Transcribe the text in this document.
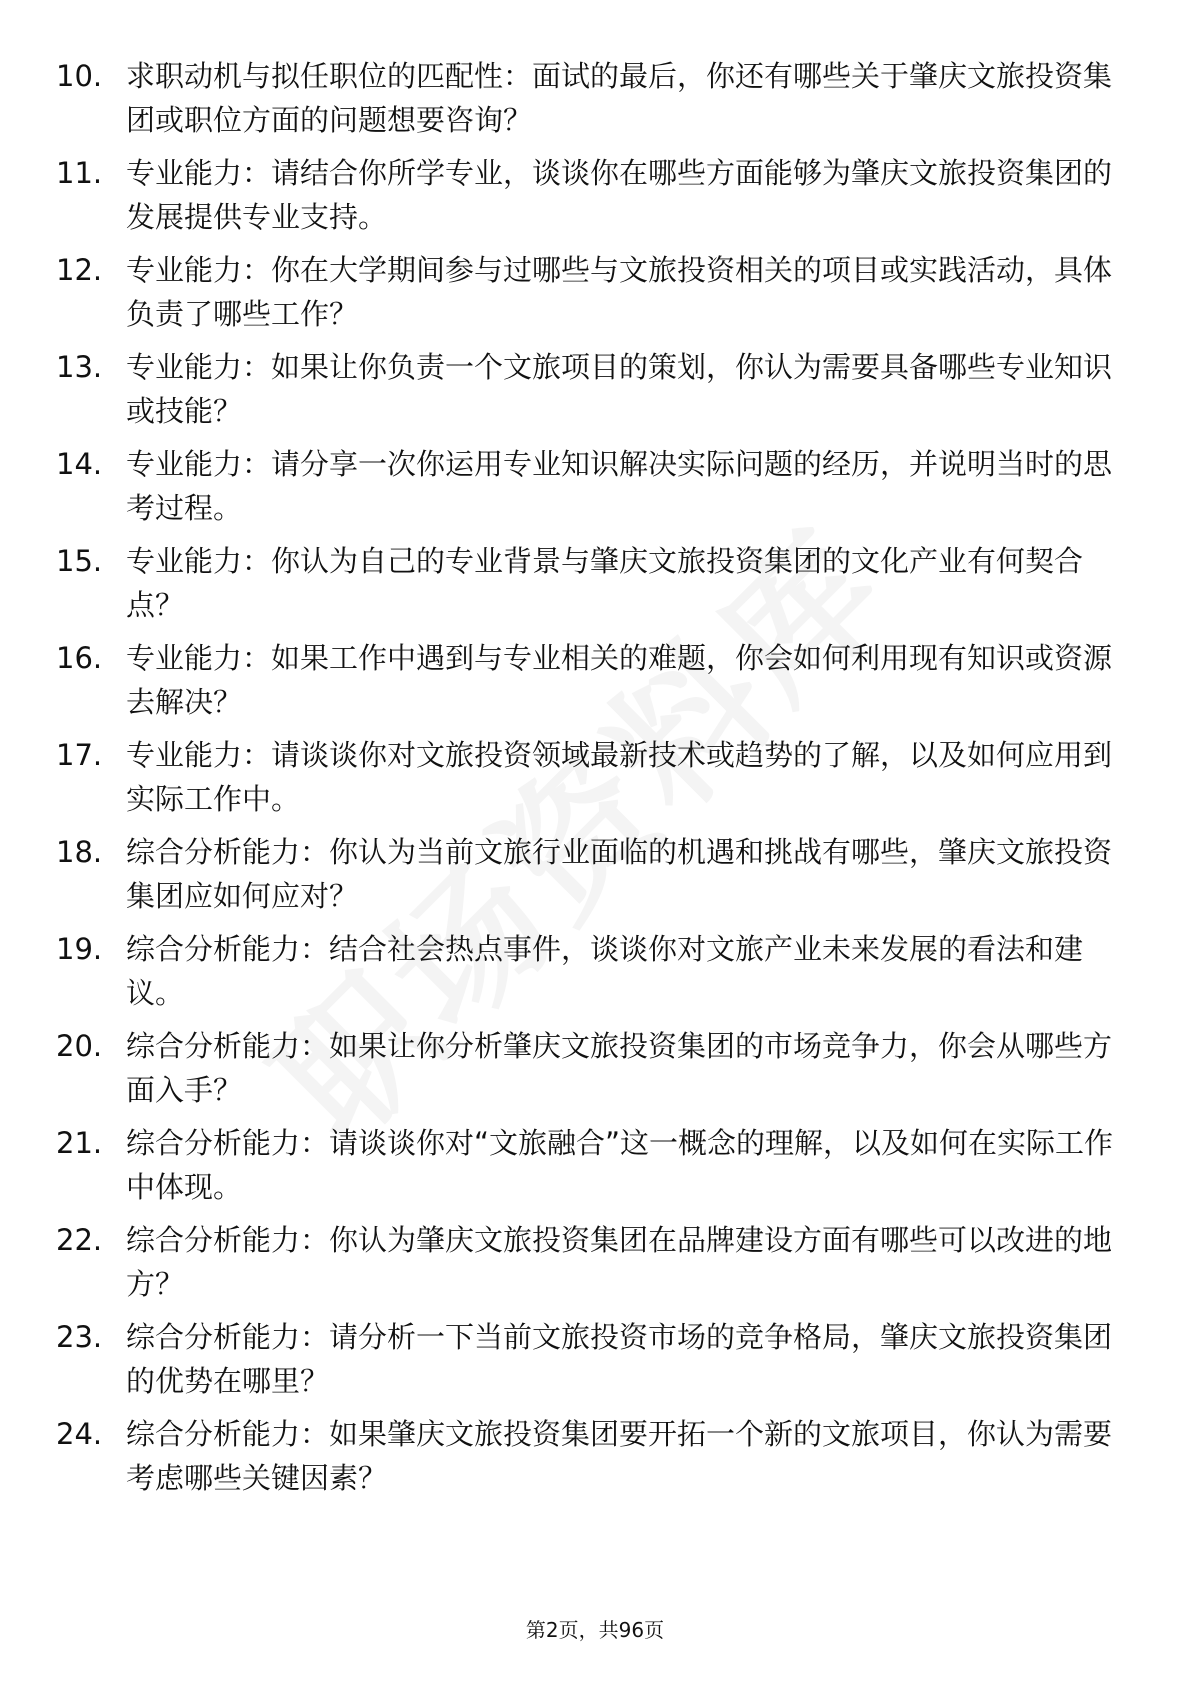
10. 求职动机与拟任职位的匹配性：面试的最后，你还有哪些关于肇庆文旅投资集团或职位方面的问题想要咨询？
11. 专业能力：请结合你所学专业，谈谈你在哪些方面能够为肇庆文旅投资集团的发展提供专业支持。
12. 专业能力：你在大学期间参与过哪些与文旅投资相关的项目或实践活动，具体负责了哪些工作？
13. 专业能力：如果让你负责一个文旅项目的策划，你认为需要具备哪些专业知识或技能？
14. 专业能力：请分享一次你运用专业知识解决实际问题的经历，并说明当时的思考过程。
15. 专业能力：你认为自己的专业背景与肇庆文旅投资集团的文化产业有何契合点？
16. 专业能力：如果工作中遇到与专业相关的难题，你会如何利用现有知识或资源去解决？
17. 专业能力：请谈谈你对文旅投资领域最新技术或趋势的了解，以及如何应用到实际工作中。
18. 综合分析能力：你认为当前文旅行业面临的机遇和挑战有哪些，肇庆文旅投资集团应如何应对？
19. 综合分析能力：结合社会热点事件，谈谈你对文旅产业未来发展的看法和建议。
20. 综合分析能力：如果让你分析肇庆文旅投资集团的市场竞争力，你会从哪些方面入手？
21. 综合分析能力：请谈谈你对“文旅融合”这一概念的理解，以及如何在实际工作中体现。
22. 综合分析能力：你认为肇庆文旅投资集团在品牌建设方面有哪些可以改进的地方？
23. 综合分析能力：请分析一下当前文旅投资市场的竞争格局，肇庆文旅投资集团的优势在哪里？
24. 综合分析能力：如果肇庆文旅投资集团要开拓一个新的文旅项目，你认为需要考虑哪些关键因素？
第2页，共96页
